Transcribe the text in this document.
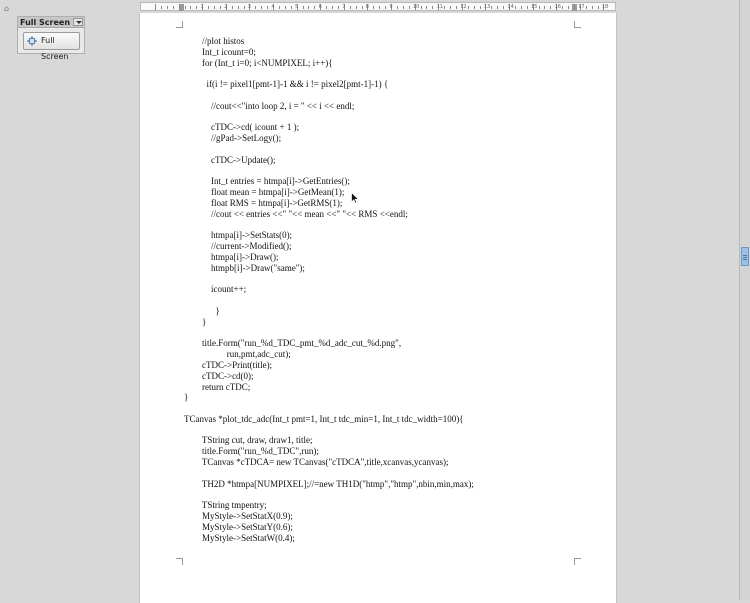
⌂	1	2	3	4	5	6	7	8	9	10	11	12	13	14	15	16	17	18
Full Screen
Full Screen
//plot histos
Int_t icount=0;
for (Int_t i=0; i<NUMPIXEL; i++){
if(i != pixel1[pmt-1]-1 && i != pixel2[pmt-1]-1) {
//cout<<"into loop 2, i = " << i << endl;
cTDC->cd( icount + 1 );
//gPad->SetLogy();
cTDC->Update();
Int_t entries = htmpa[i]->GetEntries();
float mean = htmpa[i]->GetMean(1);
float RMS = htmpa[i]->GetRMS(1);
//cout << entries <<" "<< mean <<" "<< RMS <<endl;
htmpa[i]->SetStats(0);
//current->Modified();
htmpa[i]->Draw();
htmpb[i]->Draw("same");
icount++;
}
}
title.Form("run_%d_TDC_pmt_%d_adc_cut_%d.png",
run,pmt,adc_cut);
cTDC->Print(title);
cTDC->cd(0);
return cTDC;
}
TCanvas *plot_tdc_adc(Int_t pmt=1, Int_t tdc_min=1, Int_t tdc_width=100){
TString cut, draw, draw1, title;
title.Form("run_%d_TDC",run);
TCanvas *cTDCA= new TCanvas("cTDCA",title,xcanvas,ycanvas);
TH2D *htmpa[NUMPIXEL];//=new TH1D("htmp","htmp",nbin,min,max);
TString tmpentry;
MyStyle->SetStatX(0.9);
MyStyle->SetStatY(0.6);
MyStyle->SetStatW(0.4);
